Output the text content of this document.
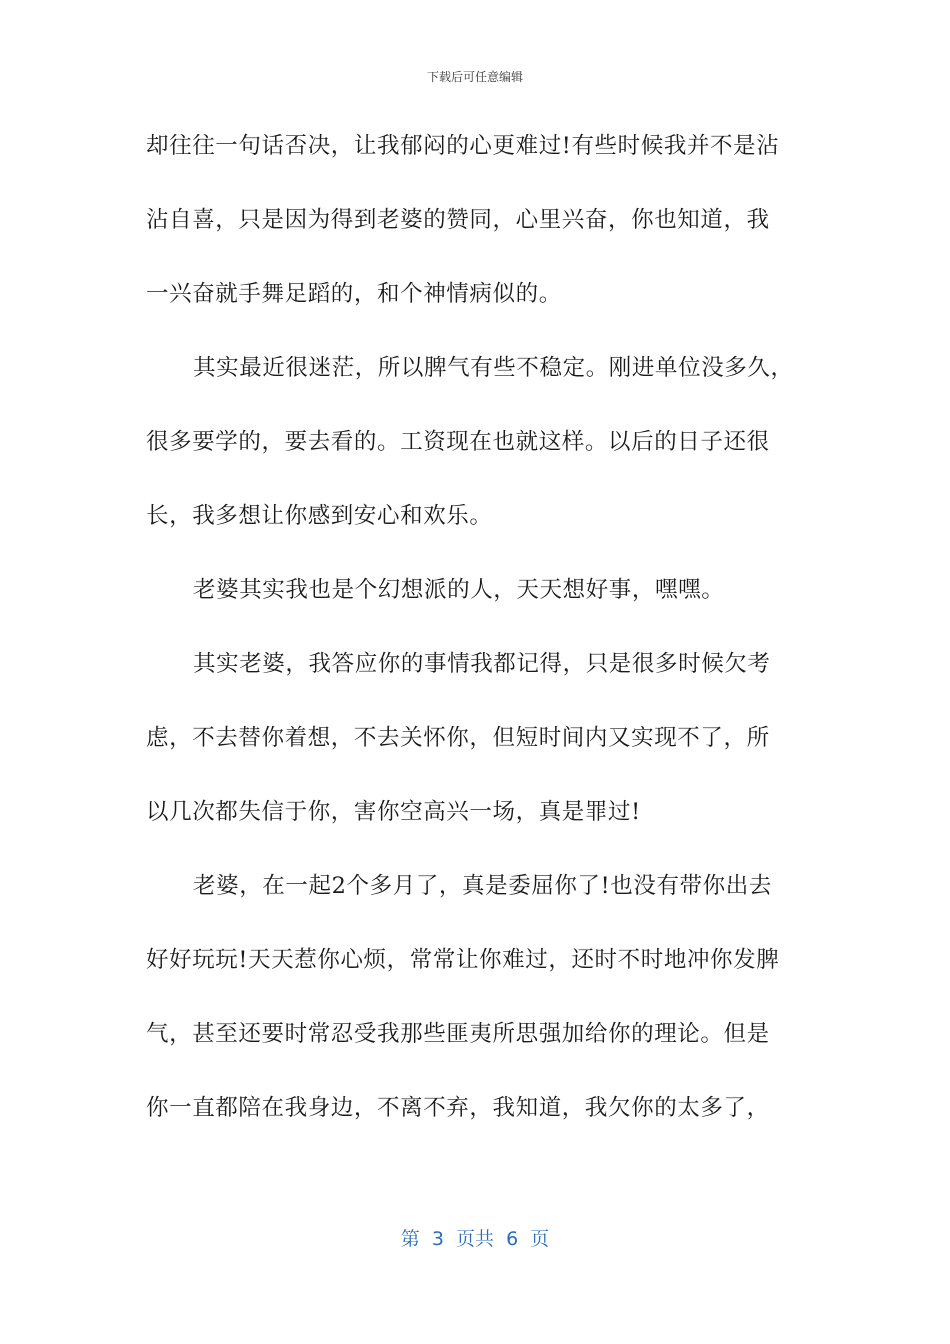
下载后可任意编辑
却往往一句话否决，让我郁闷的心更难过!有些时候我并不是沾
沾自喜，只是因为得到老婆的赞同，心里兴奋，你也知道，我
一兴奋就手舞足蹈的，和个神情病似的。
其实最近很迷茫，所以脾气有些不稳定。刚进单位没多久，
很多要学的，要去看的。工资现在也就这样。以后的日子还很
长，我多想让你感到安心和欢乐。
老婆其实我也是个幻想派的人，天天想好事，嘿嘿。
其实老婆，我答应你的事情我都记得，只是很多时候欠考
虑，不去替你着想，不去关怀你，但短时间内又实现不了，所
以几次都失信于你，害你空高兴一场，真是罪过!
老婆，在一起2个多月了，真是委屈你了!也没有带你出去
好好玩玩!天天惹你心烦，常常让你难过，还时不时地冲你发脾
气，甚至还要时常忍受我那些匪夷所思强加给你的理论。但是
你一直都陪在我身边，不离不弃，我知道，我欠你的太多了，
第  3  页共  6  页
